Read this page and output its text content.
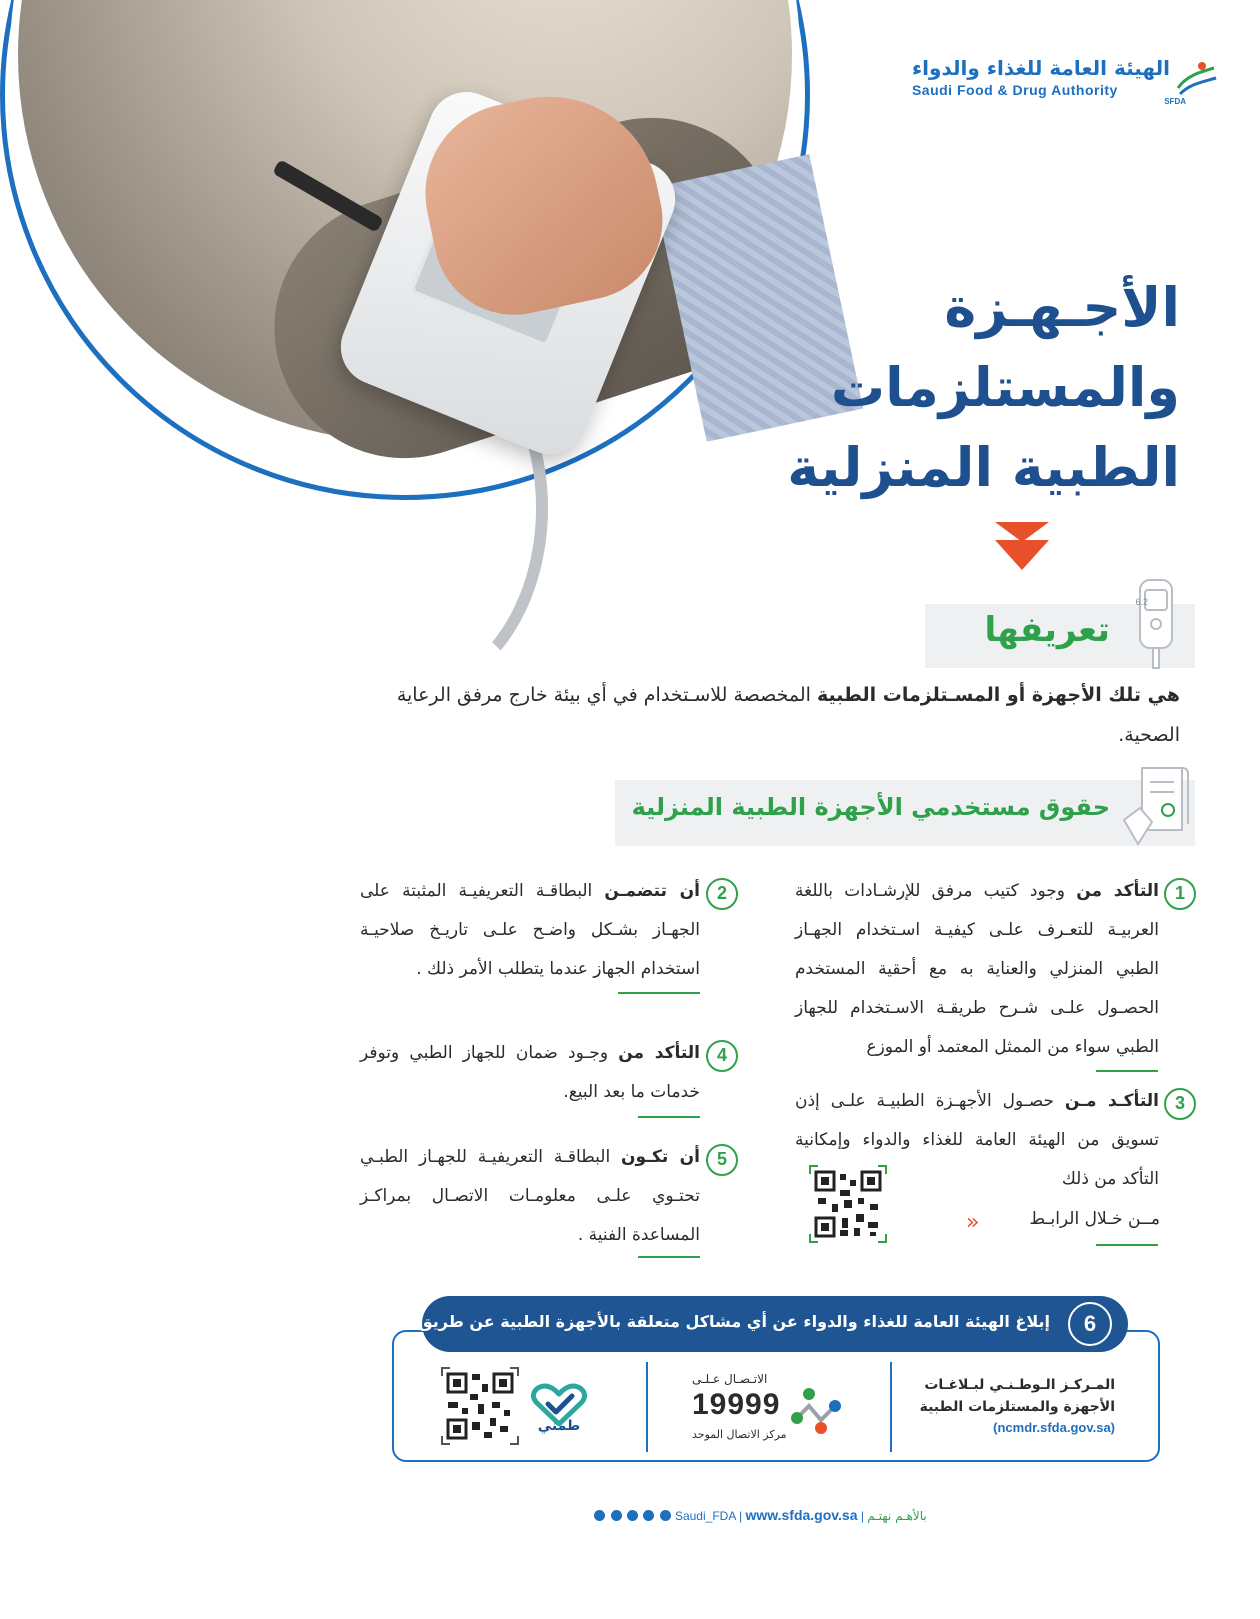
الهيئة العامة للغذاء والدواء
Saudi Food & Drug Authority
SFDA
الأجـهـزة
والمستلزمات
الطبية المنزلية
تعريفها
6.2

هي تلك الأجهزة أو المسـتلزمات الطبية المخصصة للاسـتخدام في أي بيئة خارج مرفق الرعاية الصحية.

حقوق مستخدمي الأجهزة الطبية المنزلية
1

التأكد من وجود كتيب مرفق للإرشـادات باللغة العربيـة للتعـرف علـى كيفيـة اسـتخدام الجهـاز الطبي المنزلي والعناية به مع أحقية المستخدم الحصـول علـى شـرح طريقـة الاسـتخدام للجهاز الطبي سواء من الممثل المعتمد أو الموزع

2

أن تتضمـن البطاقـة التعريفيـة المثبتة على الجهـاز بشـكل واضـح علـى تاريـخ صلاحيـة استخدام الجهاز عندما يتطلب الأمر ذلك .

3

التأكـد مـن حصـول الأجهـزة الطبيـة علـى إذن تسويق من الهيئة العامة للغذاء والدواء وإمكانية التأكد من ذلك

مــن خـلال الرابـط
«
4

التأكد من وجـود ضمان للجهاز الطبي وتوفر خدمات ما بعد البيع.

5

أن تكـون البطاقـة التعريفيـة للجهـاز الطبـي تحتـوي علـى معلومـات الاتصـال بمراكـز المساعدة الفنية .

6
إبلاغ الهيئة العامة للغذاء والدواء عن أي مشاكل متعلقة بالأجهزة الطبية عن طريق :
المـركـز الـوطـنـي لبـلاغـات
الأجهزة والمستلزمات الطبية
(ncmdr.sfda.gov.sa)
الاتـصـال عـلـى
19999
مركز الاتصال الموحد
طمني
Saudi_FDA | www.sfda.gov.sa | بالأهـم نهتـم
